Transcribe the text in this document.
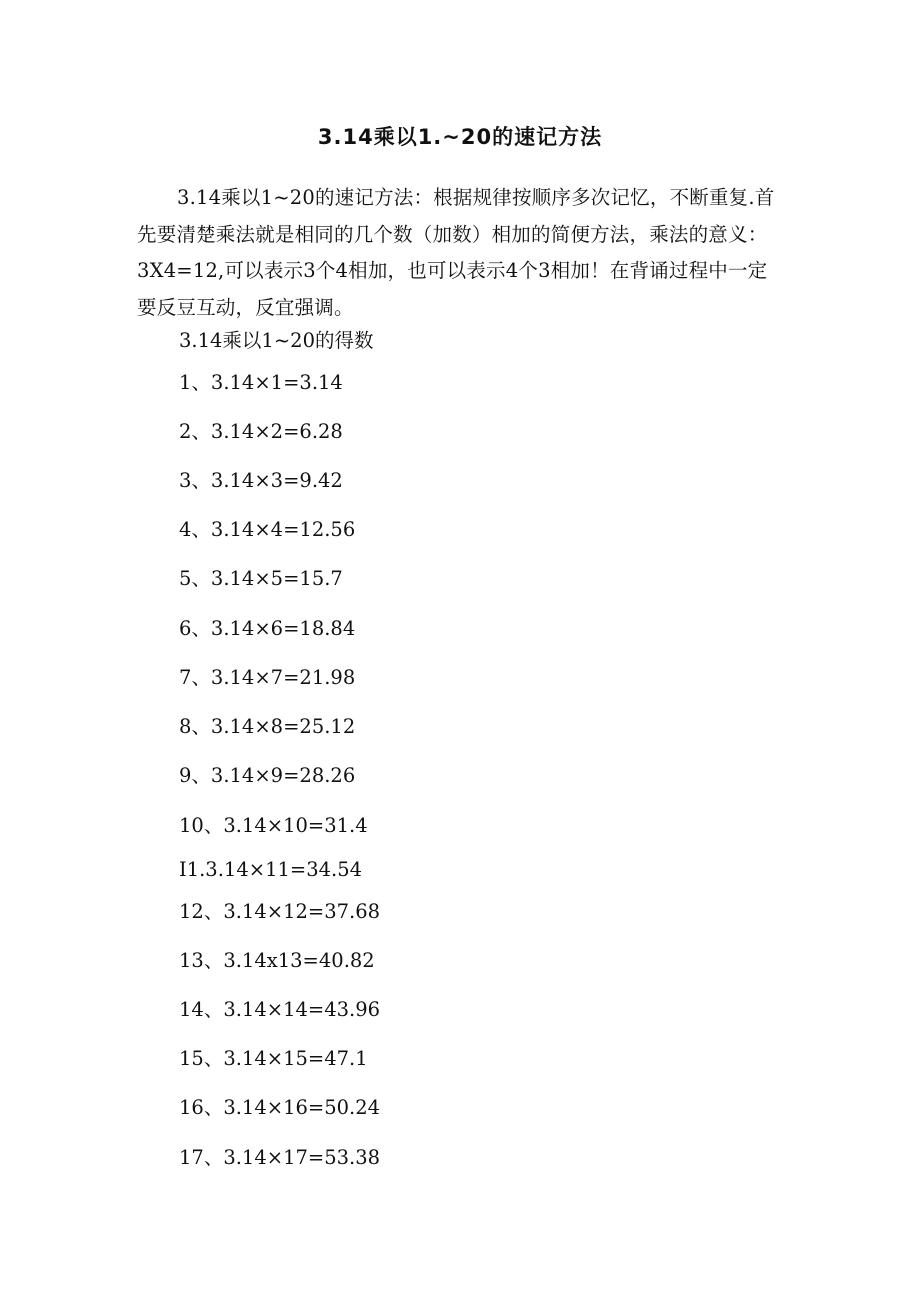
3.14乘以1.~20的速记方法

3.14乘以1~20的速记方法：根据规律按顺序多次记忆，不断重复.首先要清楚乘法就是相同的几个数（加数）相加的简便方法，乘法的意义：3X4=12,可以表示3个4相加，也可以表示4个3相加！在背诵过程中一定要反豆互动，反宜强调。

3.14乘以1~20的得数
1、3.14×1=3.14
2、3.14×2=6.28
3、3.14×3=9.42
4、3.14×4=12.56
5、3.14×5=15.7
6、3.14×6=18.84
7、3.14×7=21.98
8、3.14×8=25.12
9、3.14×9=28.26
10、3.14×10=31.4
I1.3.14×11=34.54
12、3.14×12=37.68
13、3.14x13=40.82
14、3.14×14=43.96
15、3.14×15=47.1
16、3.14×16=50.24
17、3.14×17=53.38
